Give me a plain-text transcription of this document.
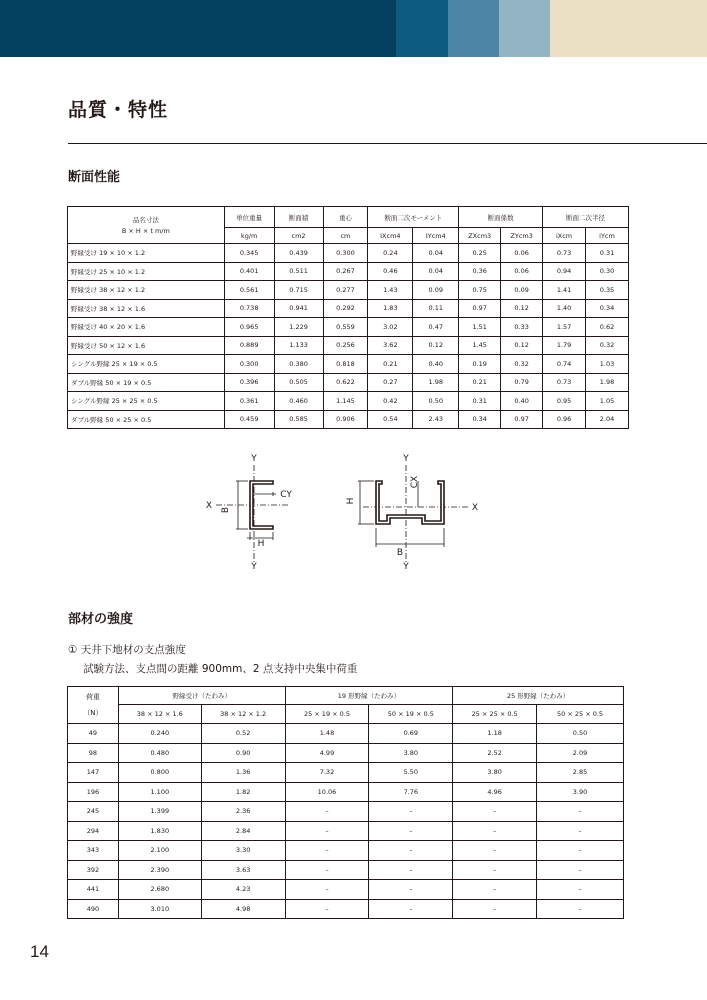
品質・特性
断面性能
品名寸法
B × H × t m/m	単位重量	断面積	重心	断面二次モーメント		断面係数		断面二次半径	
	kg/m	cm2	cm	IXcm4	IYcm4	ZXcm3	ZYcm3	iXcm	iYcm
野縁受け 19 × 10 × 1.2	0.345	0.439	0.300	0.24	0.04	0.25	0.06	0.73	0.31
野縁受け 25 × 10 × 1.2	0.401	0.511	0.267	0.46	0.04	0.36	0.06	0.94	0.30
野縁受け 38 × 12 × 1.2	0.561	0.715	0.277	1.43	0.09	0.75	0.09	1.41	0.35
野縁受け 38 × 12 × 1.6	0.738	0.941	0.292	1.83	0.11	0.97	0.12	1.40	0.34
野縁受け 40 × 20 × 1.6	0.965	1.229	0.559	3.02	0.47	1.51	0.33	1.57	0.62
野縁受け 50 × 12 × 1.6	0.889	1.133	0.256	3.62	0.12	1.45	0.12	1.79	0.32
シングル野縁 25 × 19 × 0.5	0.300	0.380	0.818	0.21	0.40	0.19	0.32	0.74	1.03
ダブル野縁 50 × 19 × 0.5	0.396	0.505	0.622	0.27	1.98	0.21	0.79	0.73	1.98
シングル野縁 25 × 25 × 0.5	0.361	0.460	1.145	0.42	0.50	0.31	0.40	0.95	1.05
ダブル野縁 50 × 25 × 0.5	0.459	0.585	0.906	0.54	2.43	0.34	0.97	0.96	2.04
Y
Y
X B
H
CY
Y
Y
X
H
B
CX
部材の強度
① 天井下地材の支点強度
試験方法、支点間の距離 900mm、2 点支持中央集中荷重
荷重
（N）	野縁受け（たわみ）		19 形野縁（たわみ）		25 形野縁（たわみ）	
	38 × 12 × 1.6	38 × 12 × 1.2	25 × 19 × 0.5	50 × 19 × 0.5	25 × 25 × 0.5	50 × 25 × 0.5
49	0.240	0.52	1.48	0.69	1.18	0.50
98	0.480	0.90	4.99	3.80	2.52	2.09
147	0.800	1.36	7.32	5.50	3.80	2.85
196	1.100	1.82	10.06	7.76	4.96	3.90
245	1.399	2.36	–	–	–	–
294	1.830	2.84	–	–	–	–
343	2.100	3.30	–	–	–	–
392	2.390	3.63	–	–	–	–
441	2.680	4.23	–	–	–	–
490	3.010	4.98	–	–	–	–
14
